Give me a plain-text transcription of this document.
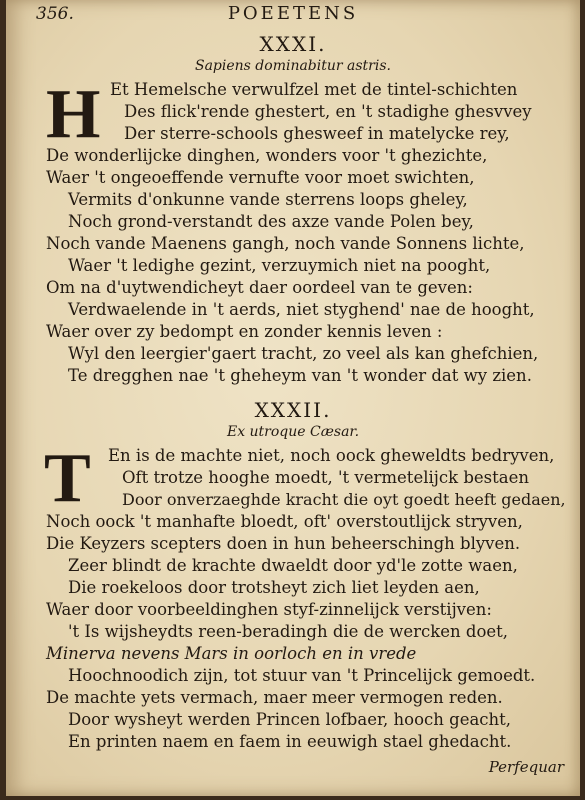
356.	POEETENS
XXXI.
Sapiens dominabitur astris.
H Et Hemelsche verwulfzel met de tintel-schichten
Des flick'rende ghestert, en 't stadighe ghesvvey
Der sterre-schools ghesweef in matelycke rey,
De wonderlijcke dinghen, wonders voor 't ghezichte,
Waer 't ongeoeffende vernufte voor moet swichten,
Vermits d'onkunne vande sterrens loops gheley,
Noch grond-verstandt des axze vande Polen bey,
Noch vande Maenens gangh, noch vande Sonnens lichte,
Waer 't ledighe gezint, verzuymich niet na pooght,
Om na d'uytwendicheyt daer oordeel van te geven:
Verdwaelende in 't aerds, niet styghend' nae de hooght,
Waer over zy bedompt en zonder kennis leven :
Wyl den leergier'gaert tracht, zo veel als kan ghefchien,
Te dregghen nae 't gheheym van 't wonder dat wy zien.
XXXII.
Ex utroque Cæsar.
T En is de machte niet, noch oock gheweldts bedryven,
Oft trotze hooghe moedt, 't vermetelijck bestaen
Door onverzaeghde kracht die oyt goedt heeft gedaen,
Noch oock 't manhafte bloedt, oft' overstoutlijck stryven,
Die Keyzers scepters doen in hun beheerschingh blyven.
Zeer blindt de krachte dwaeldt door yd'le zotte waen,
Die roekeloos door trotsheyt zich liet leyden aen,
Waer door voorbeeldinghen styf-zinnelijck verstijven:
't Is wijsheydts reen-beradingh die de wercken doet,
Minerva nevens Mars in oorloch en in vrede
Hoochnoodich zijn, tot stuur van 't Princelijck gemoedt.
De machte yets vermach, maer meer vermogen reden.
Door wysheyt werden Princen lofbaer, hooch geacht,
En printen naem en faem in eeuwigh stael ghedacht.
Perfequar
